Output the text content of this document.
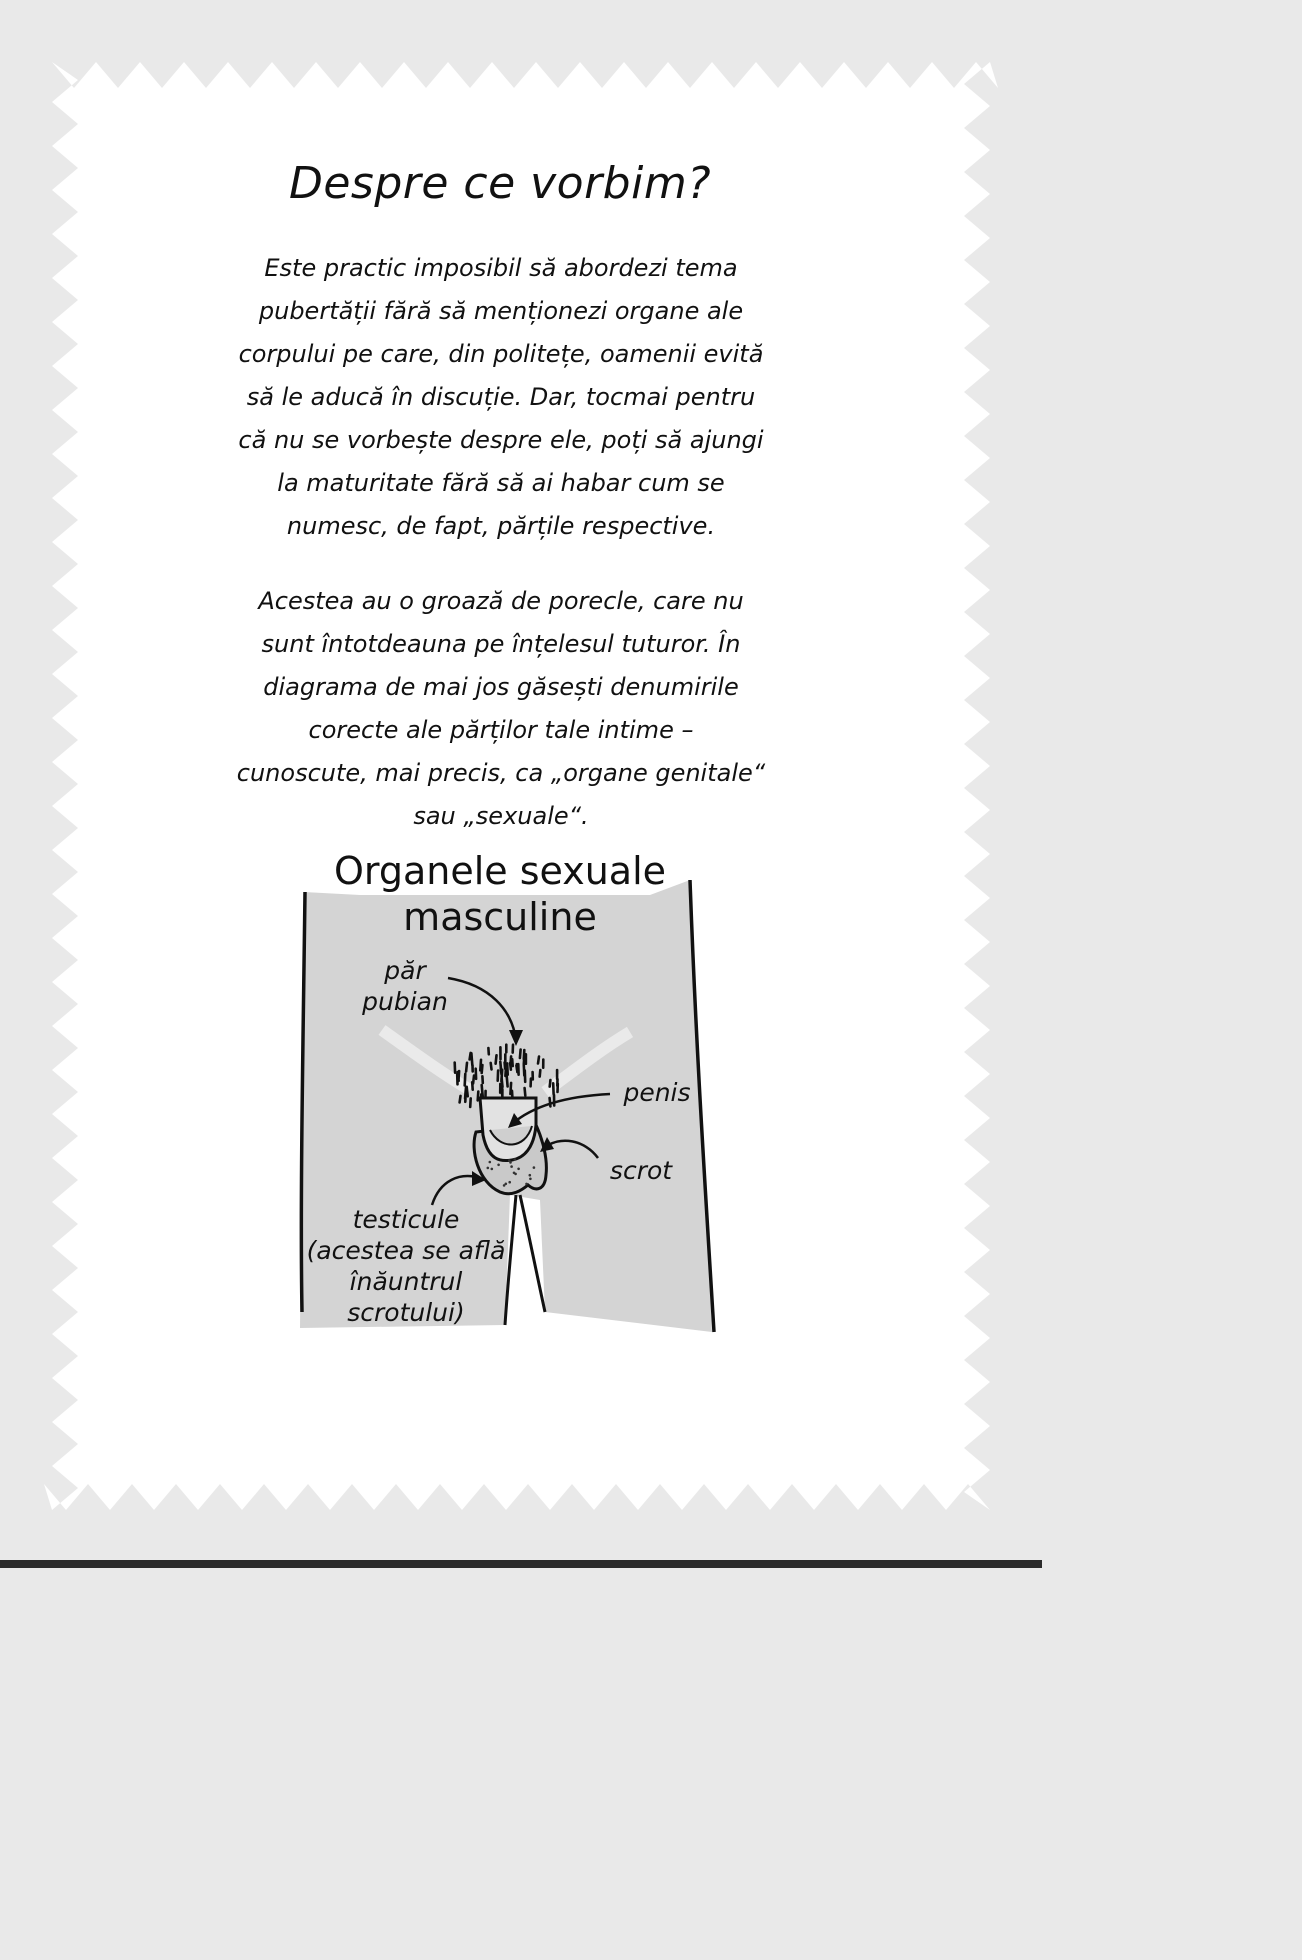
Despre ce vorbim?
Este practic imposibil să abordezi tema
pubertății fără să menționezi organe ale
corpului pe care, din politețe, oamenii evită
să le aducă în discuție. Dar, tocmai pentru
că nu se vorbește despre ele, poți să ajungi
la maturitate fără să ai habar cum se
numesc, de fapt, părțile respective.
Acestea au o groază de porecle, care nu
sunt întotdeauna pe înțelesul tuturor. În
diagrama de mai jos găsești denumirile
corecte ale părților tale intime –
cunoscute, mai precis, ca „organe genitale“
sau „sexuale“.
Organele sexuale
masculine
păr
pubian
penis
scrot
testicule
(acestea se află
înăuntrul
scrotului)
